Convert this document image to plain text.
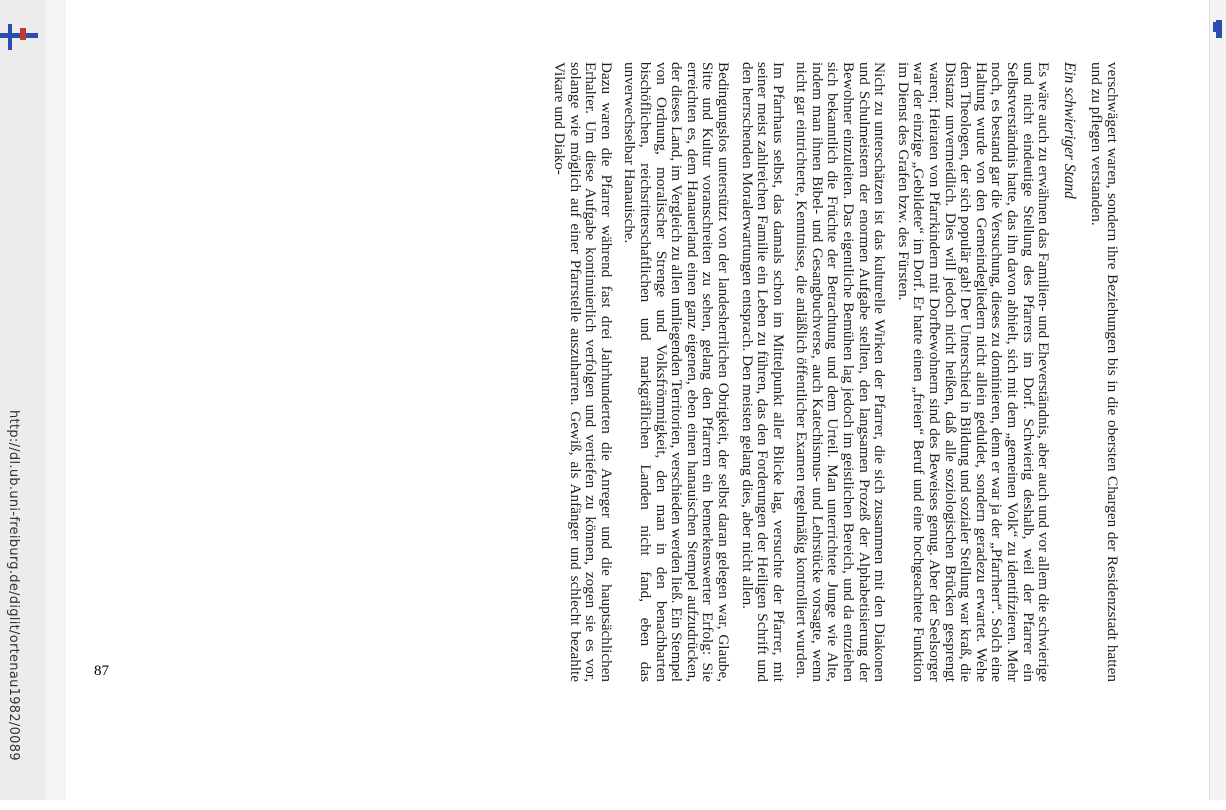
http://dl.ub.uni-freiburg.de/diglit/ortenau1982/0089	verschwägert waren, sondern ihre Beziehungen bis in die obersten Chargen der Residenzstadt hatten und zu pflegen verstanden.

Ein schwieriger Stand

Es wäre auch zu erwähnen das Familien- und Eheverständnis, aber auch und vor allem die schwierige und nicht eindeutige Stellung des Pfarrers im Dorf. Schwierig deshalb, weil der Pfarrer ein Selbstverständnis hatte, das ihn davon abhielt, sich mit dem „gemeinen Volk“ zu identifizieren. Mehr noch, es bestand gar die Versuchung, dieses zu dominieren, denn er war ja der „Pfarrherr“. Solch eine Haltung wurde von den Gemeindegliedern nicht allein geduldet, sondern geradezu erwartet. Wehe dem Theologen, der sich populär gab! Der Unterschied in Bildung und sozialer Stellung war kraß, die Distanz unvermeidlich. Dies will jedoch nicht heißen, daß alle soziologischen Brücken gesprengt waren; Heiraten von Pfarrkindern mit Dorfbewohnern sind des Beweises genug. Aber der Seelsorger war der einzige „Gebildete“ im Dorf. Er hatte einen „freien“ Beruf und eine hochgeachtete Funktion im Dienst des Grafen bzw. des Fürsten.

Nicht zu unterschätzen ist das kulturelle Wirken der Pfarrer, die sich zusammen mit den Diakonen und Schulmeistern der enormen Aufgabe stellten, den langsamen Prozeß der Alphabetisierung der Bewohner einzuleiten. Das eigentliche Bemühen lag jedoch im geistlichen Bereich, und da entziehen sich bekanntlich die Früchte der Betrachtung und dem Urteil. Man unterrichtete Junge wie Alte, indem man ihnen Bibel- und Gesangbuchverse, auch Katechismus- und Lehrstücke vorsagte, wenn nicht gar eintrichterte, Kenntnisse, die anläßlich öffentlicher Examen regelmäßig kontrolliert wurden.

Im Pfarrhaus selbst, das damals schon im Mittelpunkt aller Blicke lag, versuchte der Pfarrer, mit seiner meist zahlreichen Familie ein Leben zu führen, das den Forderungen der Heiligen Schrift und den herrschenden Moralerwartungen entsprach. Den meisten gelang dies, aber nicht allen.

Bedingungslos unterstützt von der landesherrlichen Obrigkeit, der selbst daran gelegen war, Glaube, Sitte und Kultur voranschreiten zu sehen, gelang den Pfarrern ein bemerkenswerter Erfolg: Sie erreichten es, dem Hanauerland einen ganz eigenen, eben einen hanauischen Stempel aufzudrücken, der dieses Land, im Vergleich zu allen umliegenden Territorien, verschieden werden ließ. Ein Stempel von Ordnung, moralischer Strenge und Volksfrömmigkeit, den man in den benachbarten bischöflichen, reichsritterschaftlichen und markgräflichen Landen nicht fand, eben das unverwechselbar Hanauische.

Dazu waren die Pfarrer während fast drei Jahrhunderten die Anreger und die hauptsächlichen Erhalter. Um diese Aufgabe kontinuierlich verfolgen und vertiefen zu können, zogen sie es vor, solange wie möglich auf einer Pfarrstelle auszuharren. Gewiß, als Anfänger und schlecht bezahlte Vikare und Diako-

87
